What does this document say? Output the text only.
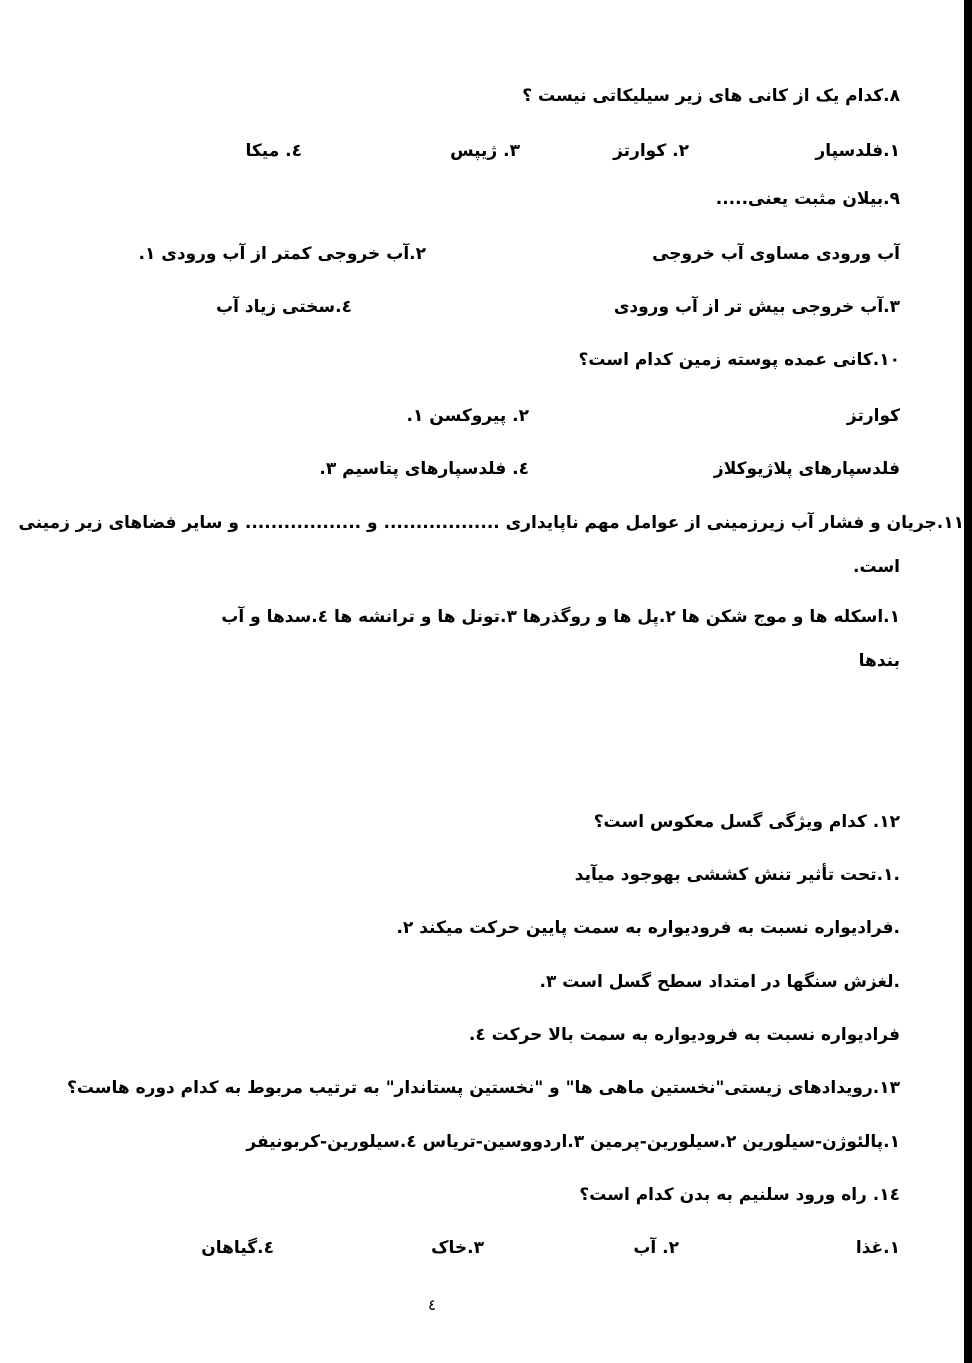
۸.کدام یک از کانی های زیر سیلیکاتی نیست ؟
۱.فلدسپار
۲. کوارتز
۳. ژیپس
٤. میکا
۹.بیلان مثبت یعنی.....
آب ورودی مساوی آب خروجی
۲.آب خروجی کمتر از آب ورودی ۱.
۳.آب خروجی بیش تر از آب ورودی
٤.سختی زیاد آب
۱۰.کانی عمده پوسته زمین کدام است؟
کوارتز
۲. پیروکسن ۱.
فلدسپارهای پلاژیوکلاز
٤. فلدسپارهای پتاسیم ۳.
۱۱.جریان و فشار آب زیرزمینی از عوامل مهم ناپایداری .................. و .................. و سایر فضاهای زیر زمینی
است.
۱.اسکله ها و موج شکن ها ۲.پل ها و روگذرها ۳.تونل ها و ترانشه ها ٤.سدها و آب
بندها
۱۲. کدام ویژگی گسل معکوس است؟
.۱.تحت تأثیر تنش کششی بهوجود میآید
.فرادیواره نسبت به فرودیواره به سمت پایین حرکت میکند ۲.
.لغزش سنگها در امتداد سطح گسل است ۳.
فرادیواره نسبت به فرودیواره به سمت بالا حرکت ٤.
۱۳.رویدادهای زیستی"نخستین ماهی ها" و "نخستین پستاندار" به ترتیب مربوط به کدام دوره هاست؟
۱.پالئوژن-سیلورین ۲.سیلورین-پرمین ۳.اردووسین-تریاس ٤.سیلورین-کربونیفر
۱٤. راه ورود سلنیم به بدن کدام است؟
۱.غذا
۲. آب
۳.خاک
٤.گیاهان
٤
